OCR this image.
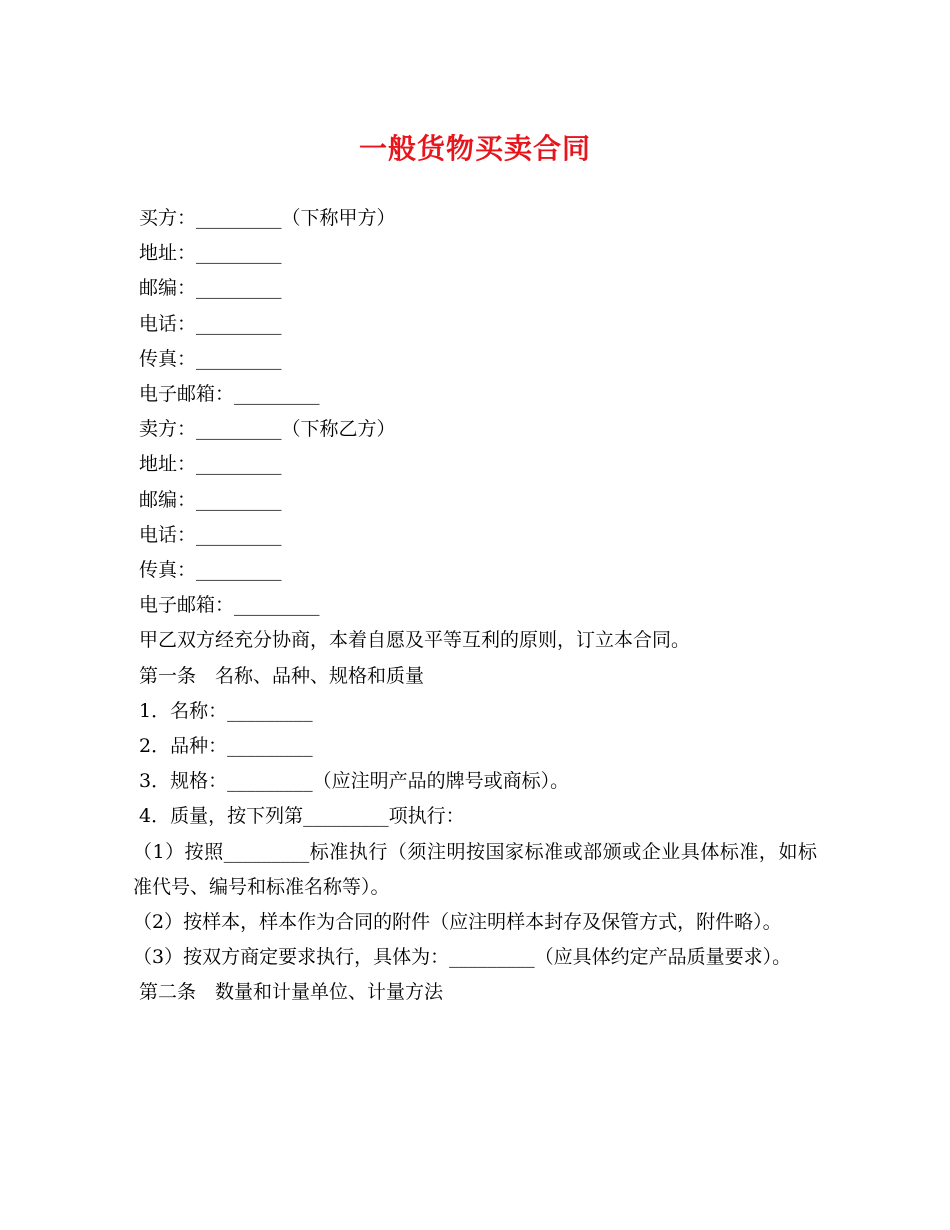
一般货物买卖合同

买方：_________（下称甲方）

地址：_________

邮编：_________

电话：_________

传真：_________

电子邮箱：_________

卖方：_________（下称乙方）

地址：_________

邮编：_________

电话：_________

传真：_________

电子邮箱：_________

甲乙双方经充分协商，本着自愿及平等互利的原则，订立本合同。

第一条　名称、品种、规格和质量

1．名称：_________

2．品种：_________

3．规格：_________（应注明产品的牌号或商标）。

4．质量，按下列第_________项执行：

（1）按照_________标准执行（须注明按国家标准或部颁或企业具体标准，如标准代号、编号和标准名称等）。

（2）按样本，样本作为合同的附件（应注明样本封存及保管方式，附件略）。

（3）按双方商定要求执行，具体为：_________（应具体约定产品质量要求）。

第二条　数量和计量单位、计量方法
